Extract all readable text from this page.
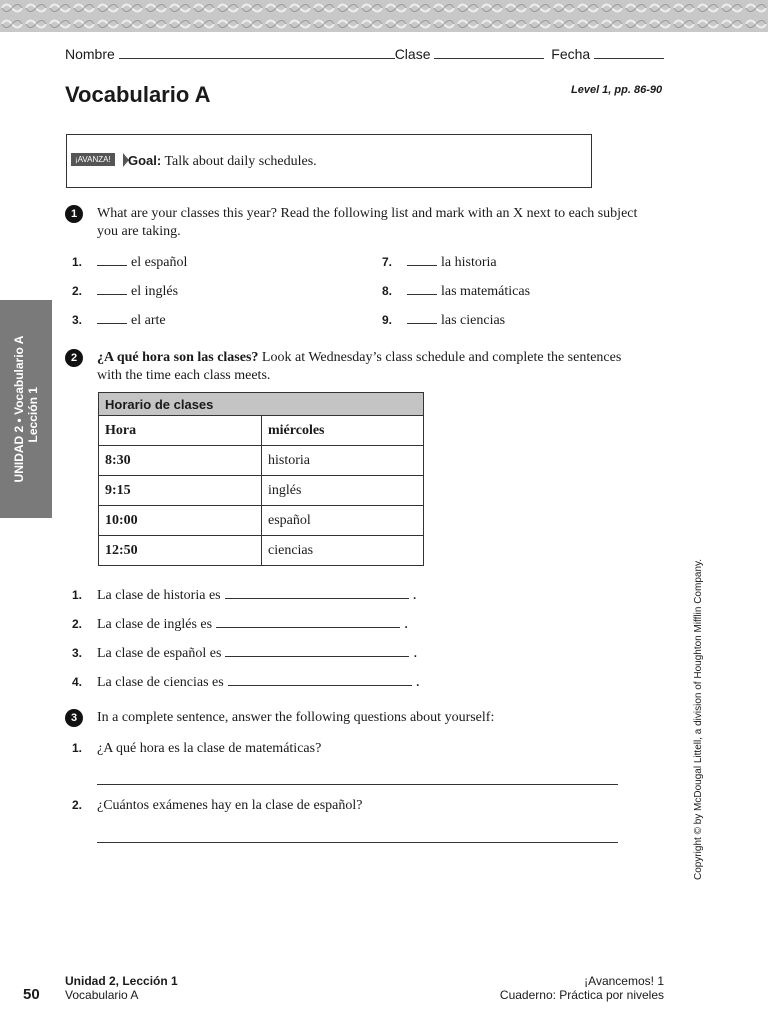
Nombre	Clase	Fecha
Vocabulario A	Level 1, pp. 86-90
¡AVANZA!	Goal: Talk about daily schedules.
UNIDAD 2 • Vocabulario A Lección 1
1	What are your classes this year? Read the following list and mark with an X next to each subject you are taking.
1.	el español
2.	el inglés
3.	el arte
7.	la historia
8.	las matemáticas
9.	las ciencias
2	¿A qué hora son las clases? Look at Wednesday’s class schedule and complete the sentences with the time each class meets.
Horario de clases	
Hora	miércoles
8:30	historia
9:15	inglés
10:00	español
12:50	ciencias
1. La clase de historia es	.
2. La clase de inglés es	.
3. La clase de español es	.
4. La clase de ciencias es	.
3	In a complete sentence, answer the following questions about yourself:
1. ¿A qué hora es la clase de matemáticas?
2. ¿Cuántos exámenes hay en la clase de español?	Copyright © by McDougal Littell, a division of Houghton Mifflin Company.
50
Unidad 2, Lección 1
Vocabulario A
¡Avancemos! 1
Cuaderno: Práctica por niveles
